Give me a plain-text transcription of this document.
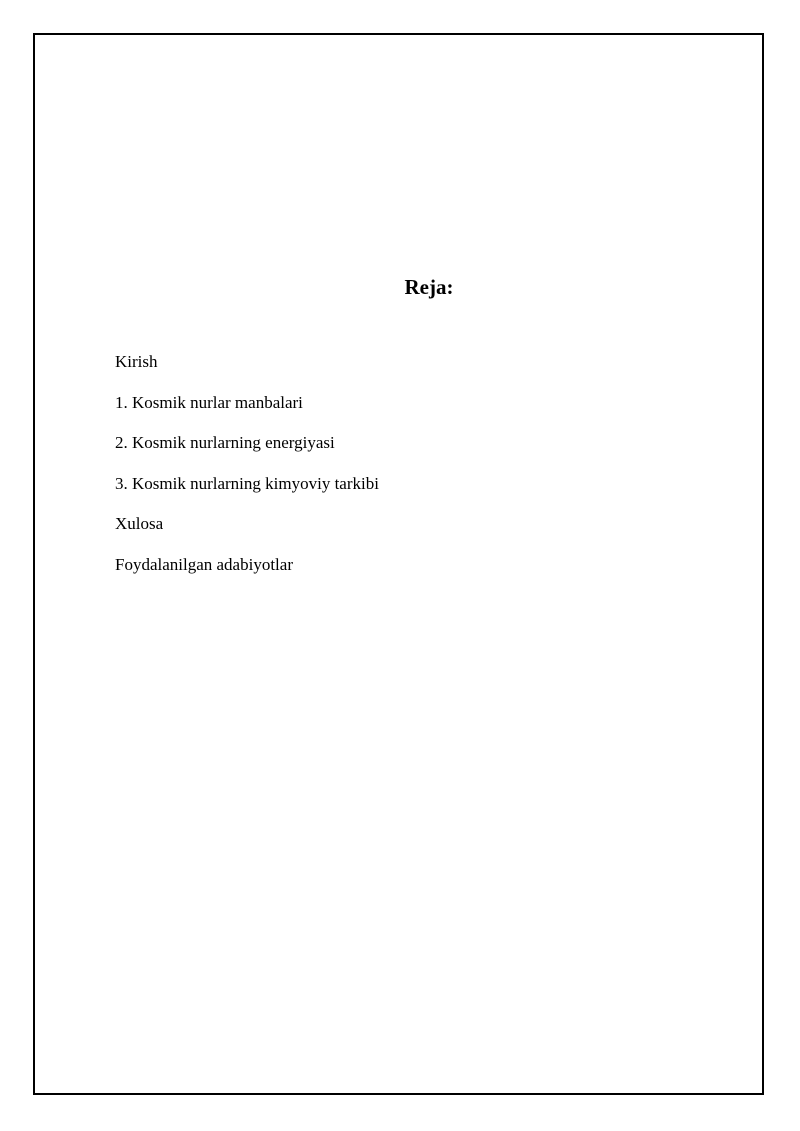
Reja:
Kirish
1. Kosmik nurlar manbalari
2. Kosmik nurlarning energiyasi
3. Kosmik nurlarning kimyoviy tarkibi
Xulosa
Foydalanilgan adabiyotlar
